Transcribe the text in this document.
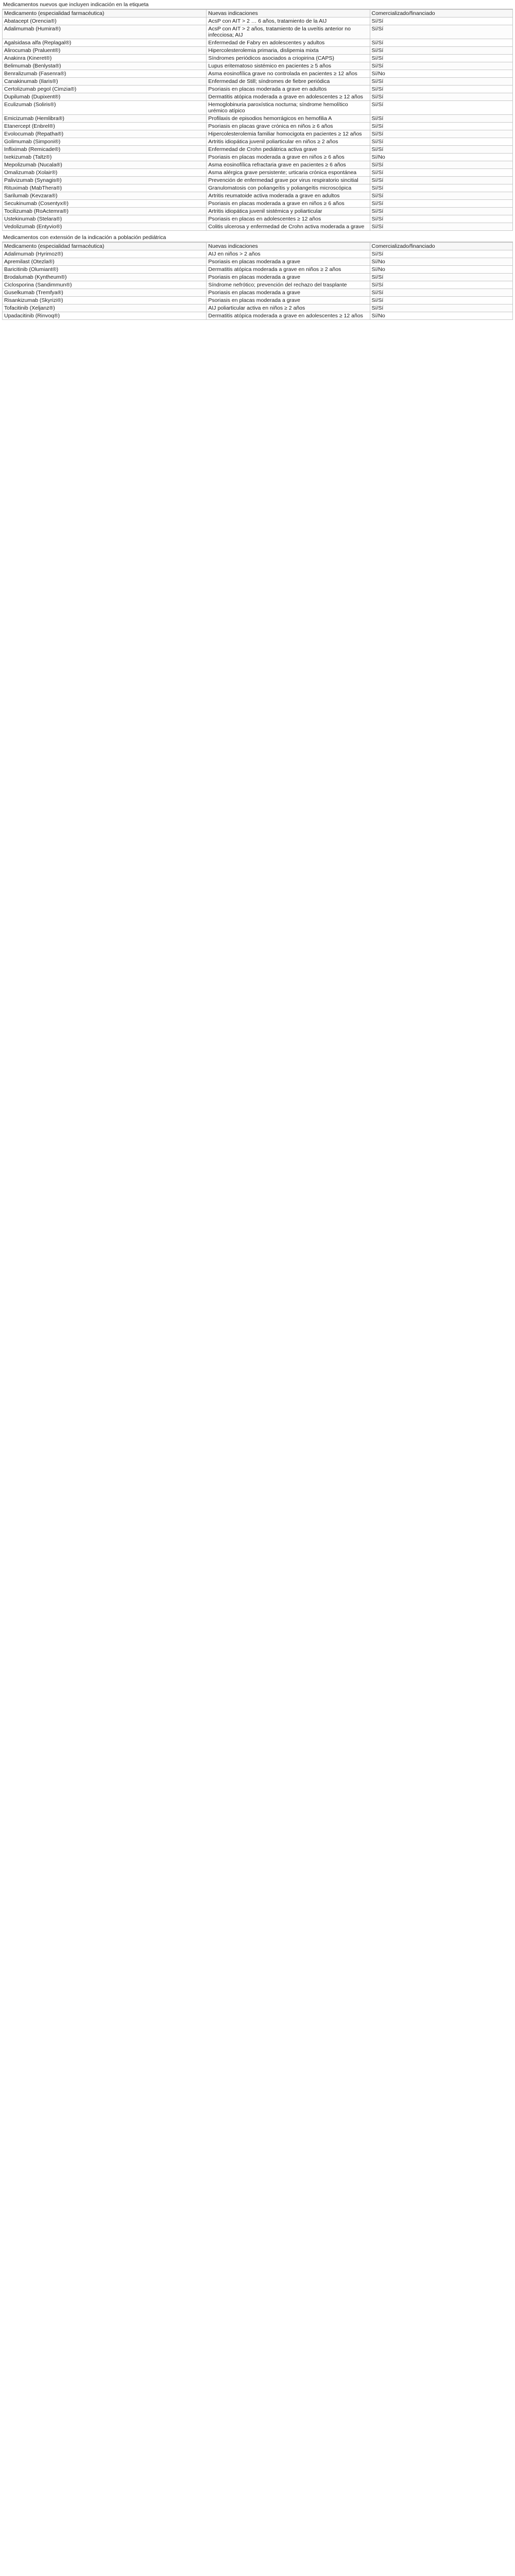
Medicamentos nuevos que incluyen indicación en la etiqueta
Medicamento (especialidad farmacéutica)	Nuevas indicaciones	Comercializado/financiado
Abatacept (Orencia®)	AcsP con AIT > 2 … 6 años, tratamiento de la AIJ	Sí/Sí
Adalimumab (Humira®)	AcsP con AIT > 2 años, tratamiento de la uveítis anterior no infecciosa; AIJ	Sí/Sí
Agalsidasa alfa (Replagal®)	Enfermedad de Fabry en adolescentes y adultos	Sí/Sí
Alirocumab (Praluent®)	Hipercolesterolemia primaria, dislipemia mixta	Sí/Sí
Anakinra (Kineret®)	Síndromes periódicos asociados a criopirina (CAPS)	Sí/Sí
Belimumab (Benlysta®)	Lupus eritematoso sistémico en pacientes ≥ 5 años	Sí/Sí
Benralizumab (Fasenra®)	Asma eosinofílica grave no controlada en pacientes ≥ 12 años	Sí/No
Canakinumab (Ilaris®)	Enfermedad de Still; síndromes de fiebre periódica	Sí/Sí
Certolizumab pegol (Cimzia®)	Psoriasis en placas moderada a grave en adultos	Sí/Sí
Dupilumab (Dupixent®)	Dermatitis atópica moderada a grave en adolescentes ≥ 12 años	Sí/Sí
Eculizumab (Soliris®)	Hemoglobinuria paroxística nocturna; síndrome hemolítico urémico atípico	Sí/Sí
Emicizumab (Hemlibra®)	Profilaxis de episodios hemorrágicos en hemofilia A	Sí/Sí
Etanercept (Enbrel®)	Psoriasis en placas grave crónica en niños ≥ 6 años	Sí/Sí
Evolocumab (Repatha®)	Hipercolesterolemia familiar homocigota en pacientes ≥ 12 años	Sí/Sí
Golimumab (Simponi®)	Artritis idiopática juvenil poliarticular en niños ≥ 2 años	Sí/Sí
Infliximab (Remicade®)	Enfermedad de Crohn pediátrica activa grave	Sí/Sí
Ixekizumab (Taltz®)	Psoriasis en placas moderada a grave en niños ≥ 6 años	Sí/No
Mepolizumab (Nucala®)	Asma eosinofílica refractaria grave en pacientes ≥ 6 años	Sí/Sí
Omalizumab (Xolair®)	Asma alérgica grave persistente; urticaria crónica espontánea	Sí/Sí
Palivizumab (Synagis®)	Prevención de enfermedad grave por virus respiratorio sincitial	Sí/Sí
Rituximab (MabThera®)	Granulomatosis con poliangeítis y poliangeítis microscópica	Sí/Sí
Sarilumab (Kevzara®)	Artritis reumatoide activa moderada a grave en adultos	Sí/Sí
Secukinumab (Cosentyx®)	Psoriasis en placas moderada a grave en niños ≥ 6 años	Sí/Sí
Tocilizumab (RoActemra®)	Artritis idiopática juvenil sistémica y poliarticular	Sí/Sí
Ustekinumab (Stelara®)	Psoriasis en placas en adolescentes ≥ 12 años	Sí/Sí
Vedolizumab (Entyvio®)	Colitis ulcerosa y enfermedad de Crohn activa moderada a grave	Sí/Sí
Medicamentos con extensión de la indicación a población pediátrica
Medicamento (especialidad farmacéutica)	Nuevas indicaciones	Comercializado/financiado
Adalimumab (Hyrimoz®)	AIJ en niños > 2 años	Sí/Sí
Apremilast (Otezla®)	Psoriasis en placas moderada a grave	Sí/No
Baricitinib (Olumiant®)	Dermatitis atópica moderada a grave en niños ≥ 2 años	Sí/No
Brodalumab (Kyntheum®)	Psoriasis en placas moderada a grave	Sí/Sí
Ciclosporina (Sandimmun®)	Síndrome nefrótico; prevención del rechazo del trasplante	Sí/Sí
Guselkumab (Tremfya®)	Psoriasis en placas moderada a grave	Sí/Sí
Risankizumab (Skyrizi®)	Psoriasis en placas moderada a grave	Sí/Sí
Tofacitinib (Xeljanz®)	AIJ poliarticular activa en niños ≥ 2 años	Sí/Sí
Upadacitinib (Rinvoq®)	Dermatitis atópica moderada a grave en adolescentes ≥ 12 años	Sí/No
